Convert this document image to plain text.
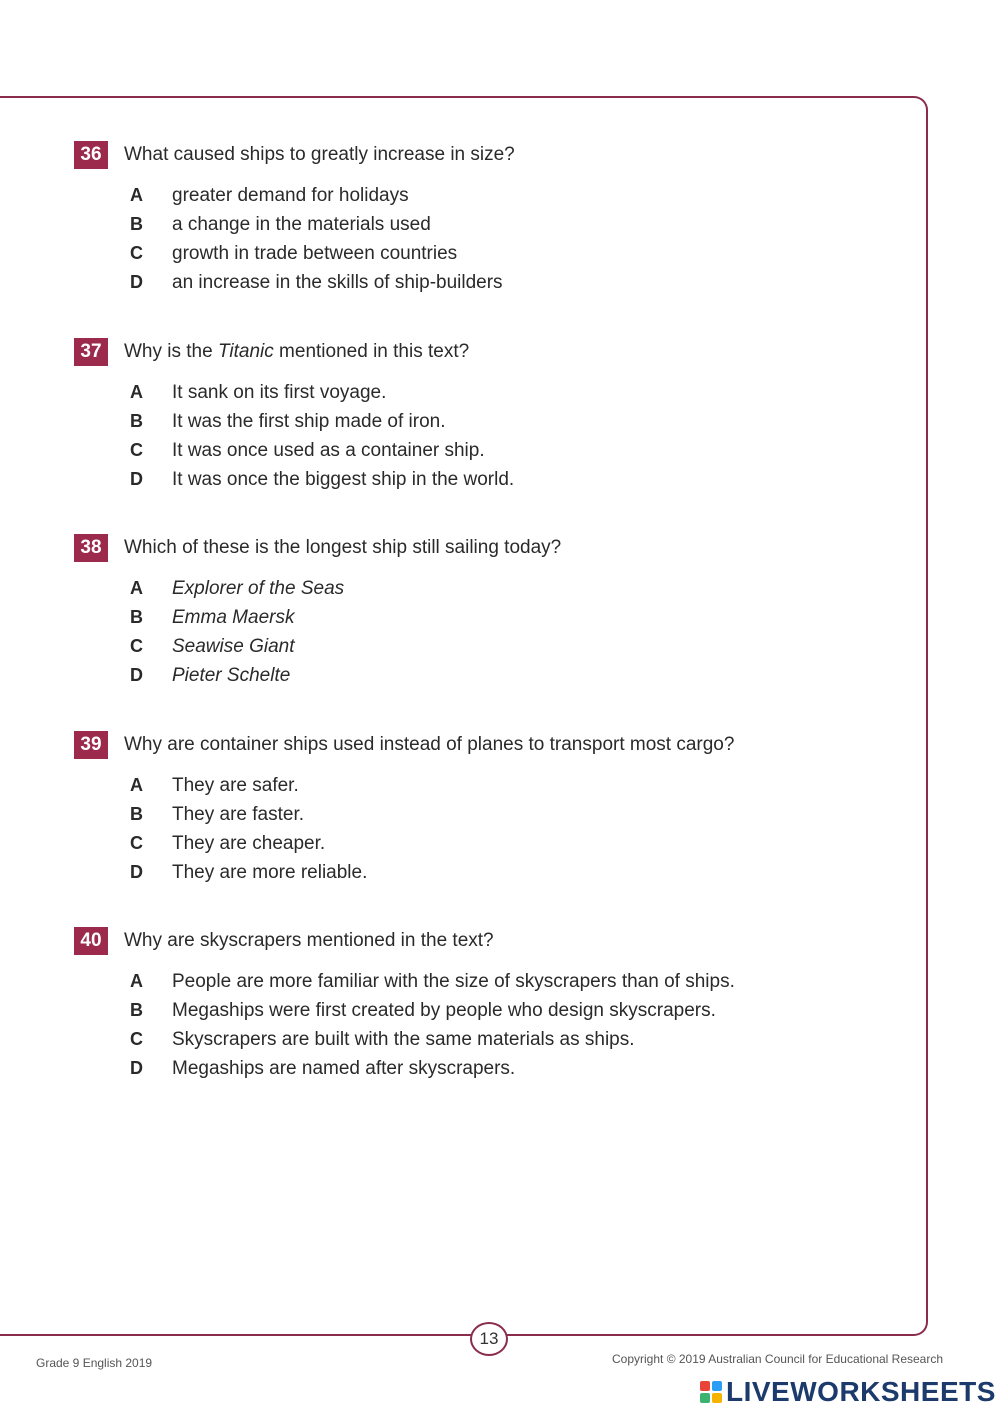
36	What caused ships to greatly increase in size?
A	greater demand for holidays
B	a change in the materials used
C	growth in trade between countries
D	an increase in the skills of ship-builders
37	Why is the Titanic mentioned in this text?
A	It sank on its first voyage.
B	It was the first ship made of iron.
C	It was once used as a container ship.
D	It was once the biggest ship in the world.
38	Which of these is the longest ship still sailing today?
A	Explorer of the Seas
B	Emma Maersk
C	Seawise Giant
D	Pieter Schelte
39	Why are container ships used instead of planes to transport most cargo?
A	They are safer.
B	They are faster.
C	They are cheaper.
D	They are more reliable.
40	Why are skyscrapers mentioned in the text?
A	People are more familiar with the size of skyscrapers than of ships.
B	Megaships were first created by people who design skyscrapers.
C	Skyscrapers are built with the same materials as ships.
D	Megaships are named after skyscrapers.
13
Grade 9 English 2019	Copyright © 2019 Australian Council for Educational Research
LIVEWORKSHEETS
